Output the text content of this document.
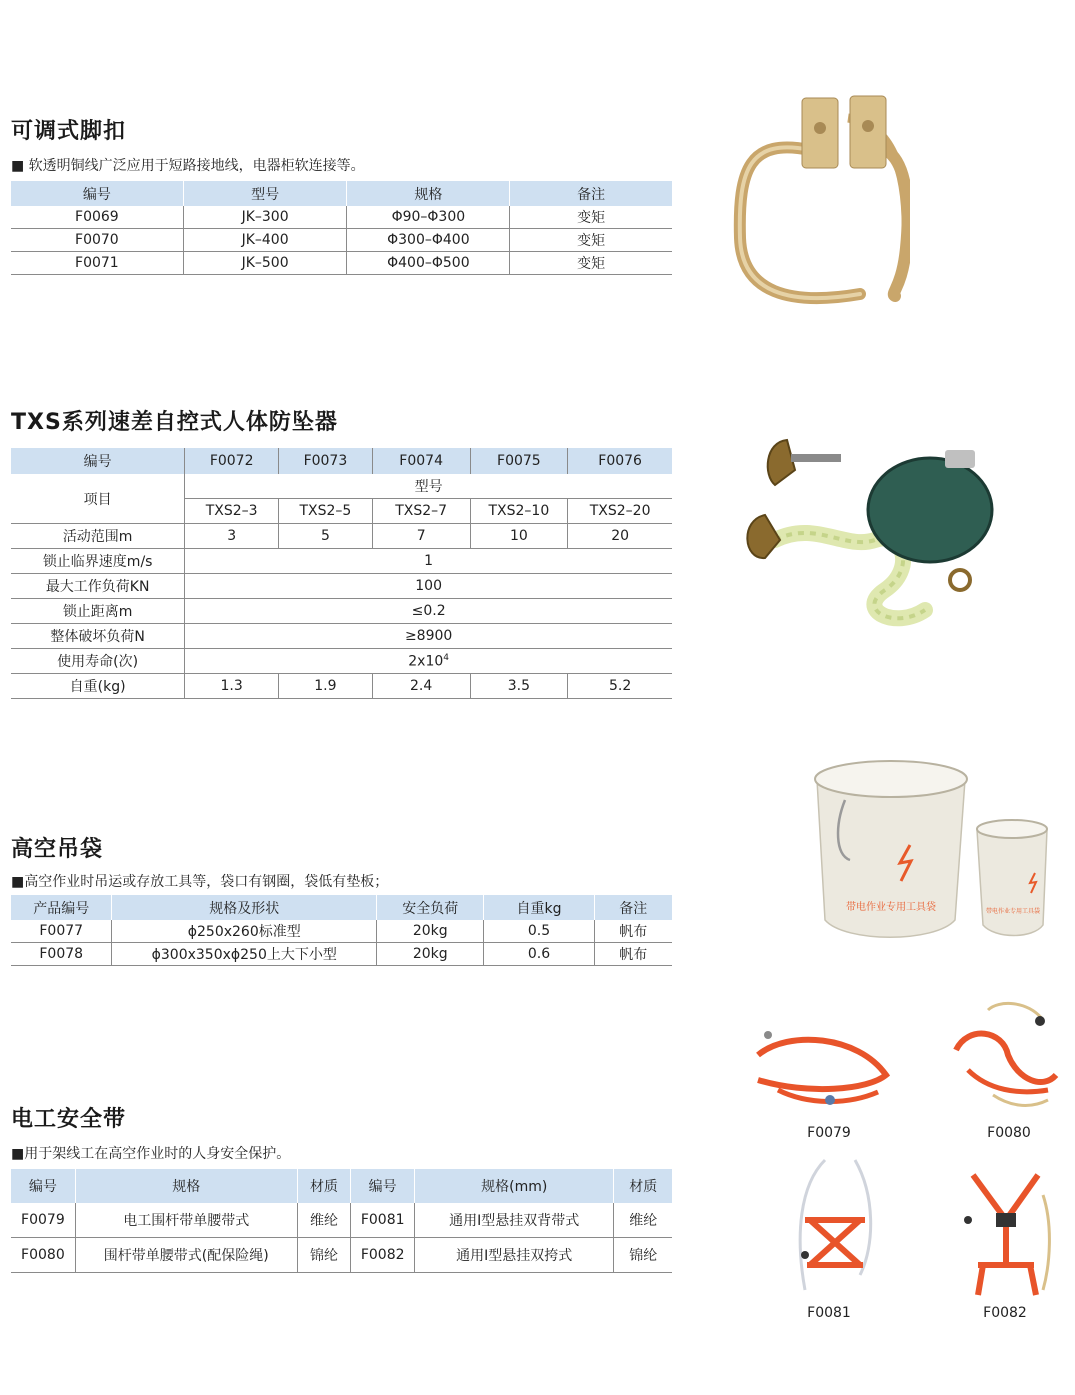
可调式脚扣

■ 软透明铜线广泛应用于短路接地线，电器柜软连接等。

编号	型号	规格	备注
F0069	JK–300	Φ90–Φ300	变矩
F0070	JK–400	Φ300–Φ400	变矩
F0071	JK–500	Φ400–Φ500	变矩
TXS系列速差自控式人体防坠器
编号	F0072	F0073	F0074	F0075	F0076
项目	型号				
	TXS2–3	TXS2–5	TXS2–7	TXS2–10	TXS2–20
活动范围m	3	5	7	10	20
锁止临界速度m/s	1				
最大工作负荷KN	100				
锁止距离m	≤0.2				
整体破坏负荷N	≥8900				
使用寿命(次)	$2x10^4$
自重(kg)	1.3	1.9	2.4	3.5	5.2
高空吊袋

■高空作业时吊运或存放工具等，袋口有钢圈，袋低有垫板；

产品编号	规格及形状	安全负荷	自重kg	备注
F0077	ϕ250x260标准型	20kg	0.5	帆布
F0078	ϕ300x350xϕ250上大下小型	20kg	0.6	帆布
带电作业专用工具袋	带电作业专用工具袋
电工安全带

■用于架线工在高空作业时的人身安全保护。

编号	规格	材质	编号	规格(mm)	材质
F0079	电工围杆带单腰带式	维纶	F0081	通用I型悬挂双背带式	维纶
F0080	围杆带单腰带式(配保险绳)	锦纶	F0082	通用I型悬挂双挎式	锦纶
F0079	F0080
F0081	F0082
